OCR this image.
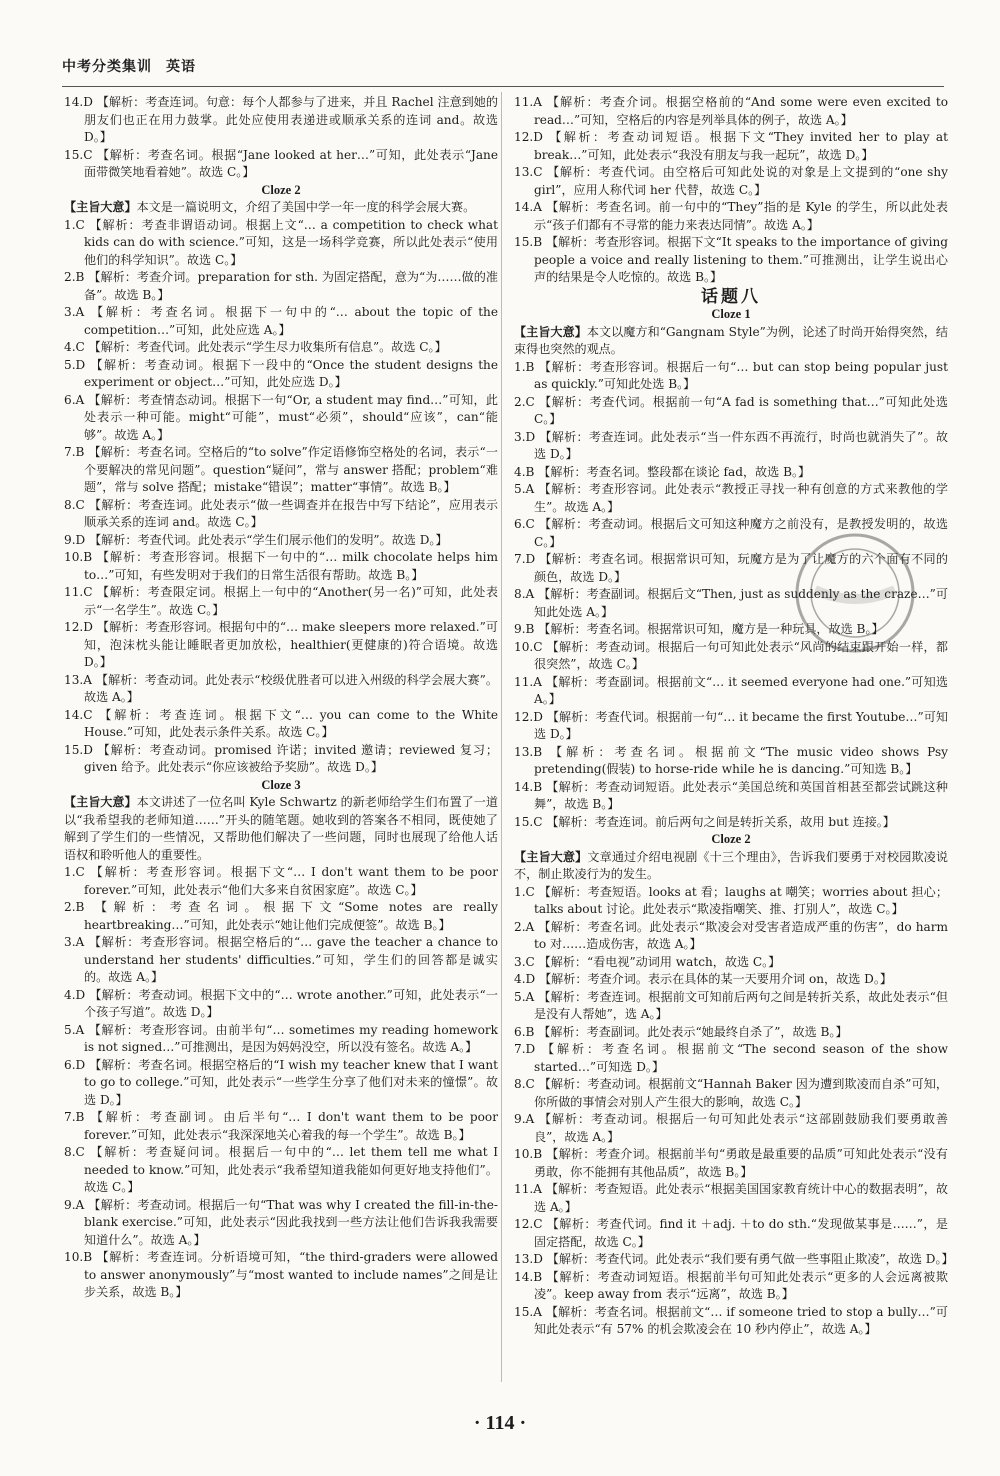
中考分类集训 英语

14.D 【解析：考查连词。句意：每个人都参与了进来，并且 Rachel 注意到她的朋友们也正在用力鼓掌。此处应使用表递进或顺承关系的连词 and。故选 D。】

15.C 【解析：考查名词。根据“Jane looked at her…”可知，此处表示“Jane 面带微笑地看着她”。故选 C。】

Cloze 2

【主旨大意】本文是一篇说明文，介绍了美国中学一年一度的科学会展大赛。

1.C 【解析：考查非谓语动词。根据上文“… a competition to check what kids can do with science.”可知，这是一场科学竞赛，所以此处表示“使用他们的科学知识”。故选 C。】

2.B 【解析：考查介词。preparation for sth. 为固定搭配，意为“为……做的准备”。故选 B。】

3.A 【解析：考查名词。根据下一句中的“… about the topic of the competition…”可知，此处应选 A。】

4.C 【解析：考查代词。此处表示“学生尽力收集所有信息”。故选 C。】

5.D 【解析：考查动词。根据下一段中的“Once the student designs the experiment or object…”可知，此处应选 D。】

6.A 【解析：考查情态动词。根据下一句“Or, a student may find…”可知，此处表示一种可能。might“可能”，must“必须”，should“应该”，can“能够”。故选 A。】

7.B 【解析：考查名词。空格后的“to solve”作定语修饰空格处的名词，表示“一个要解决的常见问题”。question“疑问”，常与 answer 搭配；problem“难题”，常与 solve 搭配；mistake“错误”；matter“事情”。故选 B。】

8.C 【解析：考查连词。此处表示“做一些调查并在报告中写下结论”，应用表示顺承关系的连词 and。故选 C。】

9.D 【解析：考查代词。此处表示“学生们展示他们的发明”。故选 D。】

10.B 【解析：考查形容词。根据下一句中的“… milk chocolate helps him to…”可知，有些发明对于我们的日常生活很有帮助。故选 B。】

11.C 【解析：考查限定词。根据上一句中的“Another(另一名)”可知，此处表示“一名学生”。故选 C。】

12.D 【解析：考查形容词。根据句中的“… make sleepers more relaxed.”可知，泡沫枕头能让睡眠者更加放松，healthier(更健康的)符合语境。故选 D。】

13.A 【解析：考查动词。此处表示“校级优胜者可以进入州级的科学会展大赛”。故选 A。】

14.C 【解析：考查连词。根据下文“… you can come to the White House.”可知，此处表示条件关系。故选 C。】

15.D 【解析：考查动词。promised 许诺；invited 邀请；reviewed 复习；given 给予。此处表示“你应该被给予奖励”。故选 D。】

Cloze 3

【主旨大意】本文讲述了一位名叫 Kyle Schwartz 的新老师给学生们布置了一道以“我希望我的老师知道……”开头的随笔题。她收到的答案各不相同，既使她了解到了学生们的一些情况，又帮助他们解决了一些问题，同时也展现了给他人话语权和聆听他人的重要性。

1.C 【解析：考查形容词。根据下文“… I don't want them to be poor forever.”可知，此处表示“他们大多来自贫困家庭”。故选 C。】

2.B 【解析：考查名词。根据下文“Some notes are really heartbreaking…”可知，此处表示“她让他们完成便签”。故选 B。】

3.A 【解析：考查形容词。根据空格后的“… gave the teacher a chance to understand her students' difficulties.”可知，学生们的回答都是诚实的。故选 A。】

4.D 【解析：考查动词。根据下文中的“… wrote another.”可知，此处表示“一个孩子写道”。故选 D。】

5.A 【解析：考查形容词。由前半句“… sometimes my reading homework is not signed…”可推测出，是因为妈妈没空，所以没有签名。故选 A。】

6.D 【解析：考查名词。根据空格后的“I wish my teacher knew that I want to go to college.”可知，此处表示“一些学生分享了他们对未来的憧憬”。故选 D。】

7.B 【解析：考查副词。由后半句“… I don't want them to be poor forever.”可知，此处表示“我深深地关心着我的每一个学生”。故选 B。】

8.C 【解析：考查疑问词。根据后一句中的“… let them tell me what I needed to know.”可知，此处表示“我希望知道我能如何更好地支持他们”。故选 C。】

9.A 【解析：考查动词。根据后一句“That was why I created the fill-in-the-blank exercise.”可知，此处表示“因此我找到一些方法让他们告诉我我需要知道什么”。故选 A。】

10.B 【解析：考查连词。分析语境可知，“the third-graders were allowed to answer anonymously”与“most wanted to include names”之间是让步关系，故选 B。】

11.A 【解析：考查介词。根据空格前的“And some were even excited to read…”可知，空格后的内容是列举具体的例子，故选 A。】

12.D 【解析：考查动词短语。根据下文“They invited her to play at break…”可知，此处表示“我没有朋友与我一起玩”，故选 D。】

13.C 【解析：考查代词。由空格后可知此处说的对象是上文提到的“one shy girl”，应用人称代词 her 代替，故选 C。】

14.A 【解析：考查名词。前一句中的“They”指的是 Kyle 的学生，所以此处表示“孩子们都有不寻常的能力来表达同情”。故选 A。】

15.B 【解析：考查形容词。根据下文“It speaks to the importance of giving people a voice and really listening to them.”可推测出，让学生说出心声的结果是令人吃惊的。故选 B。】

话题八

Cloze 1

【主旨大意】本文以魔方和“Gangnam Style”为例，论述了时尚开始得突然，结束得也突然的观点。

1.B 【解析：考查形容词。根据后一句“… but can stop being popular just as quickly.”可知此处选 B。】

2.C 【解析：考查代词。根据前一句“A fad is something that…”可知此处选 C。】

3.D 【解析：考查连词。此处表示“当一件东西不再流行，时尚也就消失了”。故选 D。】

4.B 【解析：考查名词。整段都在谈论 fad，故选 B。】

5.A 【解析：考查形容词。此处表示“教授正寻找一种有创意的方式来教他的学生”。故选 A。】

6.C 【解析：考查动词。根据后文可知这种魔方之前没有，是教授发明的，故选 C。】

7.D 【解析：考查名词。根据常识可知，玩魔方是为了让魔方的六个面有不同的颜色，故选 D。】

8.A 【解析：考查副词。根据后文“Then, just as suddenly as the craze…”可知此处选 A。】

9.B 【解析：考查名词。根据常识可知，魔方是一种玩具，故选 B。】

10.C 【解析：考查动词。根据后一句可知此处表示“风尚的结束跟开始一样，都很突然”，故选 C。】

11.A 【解析：考查副词。根据前文“… it seemed everyone had one.”可知选 A。】

12.D 【解析：考查代词。根据前一句“… it became the first Youtube…”可知选 D。】

13.B 【解析：考查名词。根据前文“The music video shows Psy pretending(假装) to horse-ride while he is dancing.”可知选 B。】

14.B 【解析：考查动词短语。此处表示“美国总统和英国首相甚至都尝试跳这种舞”，故选 B。】

15.C 【解析：考查连词。前后两句之间是转折关系，故用 but 连接。】

Cloze 2

【主旨大意】文章通过介绍电视剧《十三个理由》，告诉我们要勇于对校园欺凌说不，制止欺凌行为的发生。

1.C 【解析：考查短语。looks at 看；laughs at 嘲笑；worries about 担心；talks about 讨论。此处表示“欺凌指嘲笑、推、打别人”，故选 C。】

2.A 【解析：考查名词。此处表示“欺凌会对受害者造成严重的伤害”，do harm to 对……造成伤害，故选 A。】

3.C 【解析：“看电视”动词用 watch，故选 C。】

4.D 【解析：考查介词。表示在具体的某一天要用介词 on，故选 D。】

5.A 【解析：考查连词。根据前文可知前后两句之间是转折关系，故此处表示“但是没有人帮她”，选 A。】

6.B 【解析：考查副词。此处表示“她最终自杀了”，故选 B。】

7.D 【解析：考查名词。根据前文“The second season of the show started…”可知选 D。】

8.C 【解析：考查动词。根据前文“Hannah Baker 因为遭到欺凌而自杀”可知，你所做的事情会对别人产生很大的影响，故选 C。】

9.A 【解析：考查动词。根据后一句可知此处表示“这部剧鼓励我们要勇敢善良”，故选 A。】

10.B 【解析：考查介词。根据前半句“勇敢是最重要的品质”可知此处表示“没有勇敢，你不能拥有其他品质”，故选 B。】

11.A 【解析：考查短语。此处表示“根据美国国家教育统计中心的数据表明”，故选 A。】

12.C 【解析：考查代词。find it ＋adj. ＋to do sth.“发现做某事是……”，是固定搭配，故选 C。】

13.D 【解析：考查代词。此处表示“我们要有勇气做一些事阻止欺凌”，故选 D。】

14.B 【解析：考查动词短语。根据前半句可知此处表示“更多的人会远离被欺凌”。keep away from 表示“远离”，故选 B。】

15.A 【解析：考查名词。根据前文“… if someone tried to stop a bully…”可知此处表示“有 57% 的机会欺凌会在 10 秒内停止”，故选 A。】

· 114 ·
